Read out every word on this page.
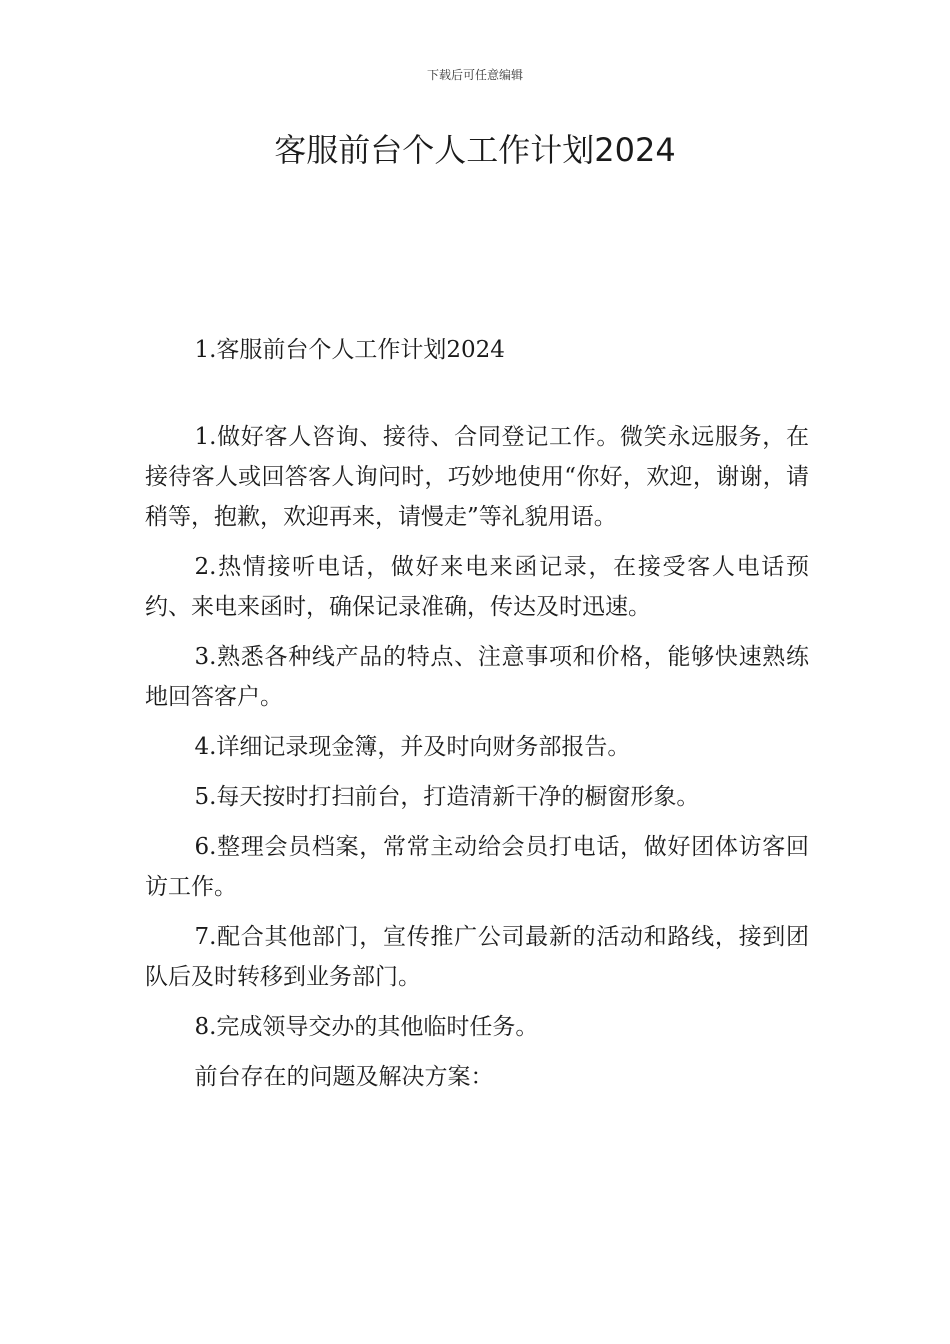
下载后可任意编辑
客服前台个人工作计划2024

1.客服前台个人工作计划2024

1.做好客人咨询、接待、合同登记工作。微笑永远服务，在接待客人或回答客人询问时，巧妙地使用“你好，欢迎，谢谢，请稍等，抱歉，欢迎再来，请慢走”等礼貌用语。

2.热情接听电话，做好来电来函记录，在接受客人电话预约、来电来函时，确保记录准确，传达及时迅速。

3.熟悉各种线产品的特点、注意事项和价格，能够快速熟练地回答客户。

4.详细记录现金簿，并及时向财务部报告。

5.每天按时打扫前台，打造清新干净的橱窗形象。

6.整理会员档案，常常主动给会员打电话，做好团体访客回访工作。

7.配合其他部门，宣传推广公司最新的活动和路线，接到团队后及时转移到业务部门。

8.完成领导交办的其他临时任务。

前台存在的问题及解决方案：
